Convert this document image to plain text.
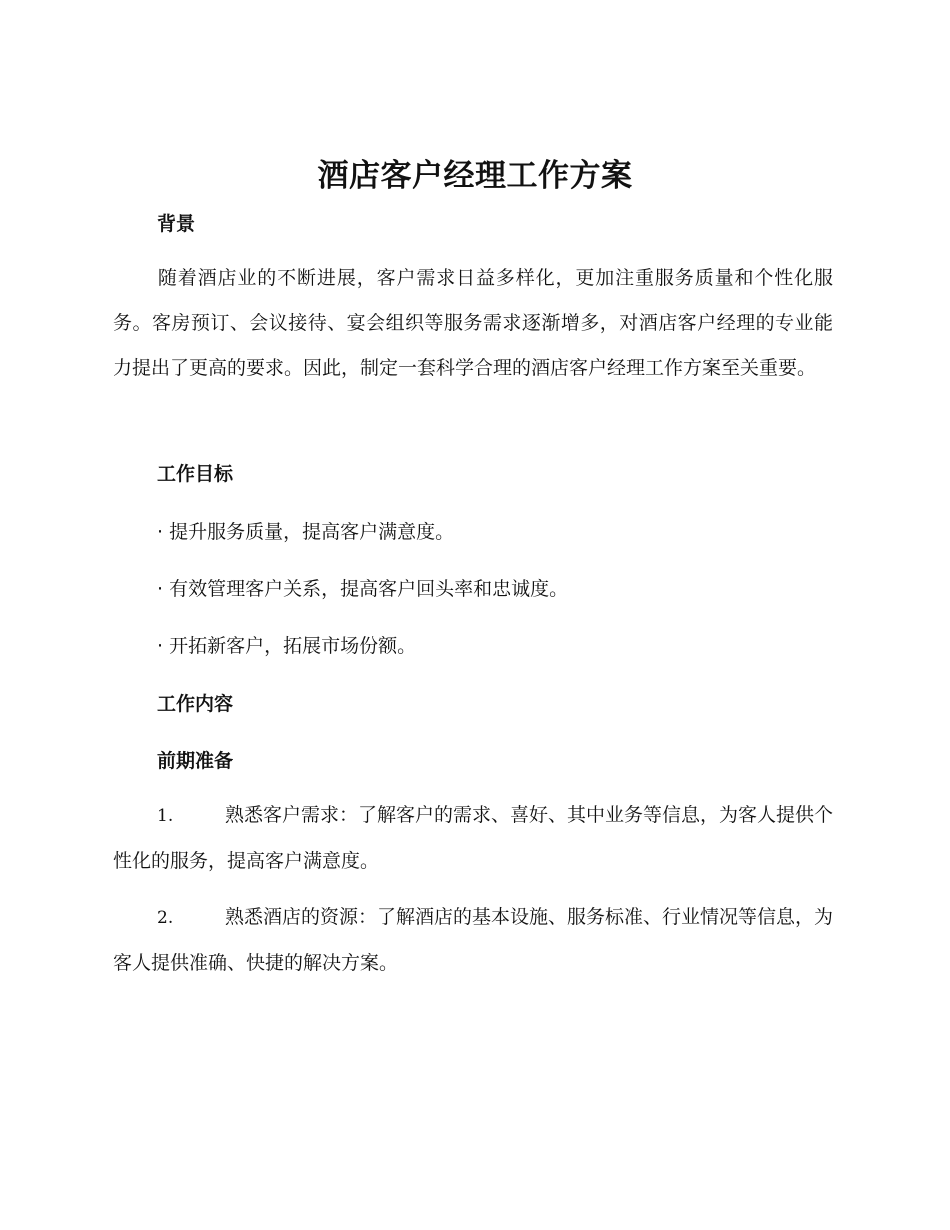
酒店客户经理工作方案
背景
随着酒店业的不断进展，客户需求日益多样化，更加注重服务质量和个性化服务。客房预订、会议接待、宴会组织等服务需求逐渐增多，对酒店客户经理的专业能力提出了更高的要求。因此，制定一套科学合理的酒店客户经理工作方案至关重要。
工作目标
· 提升服务质量，提高客户满意度。
· 有效管理客户关系，提高客户回头率和忠诚度。
· 开拓新客户，拓展市场份额。
工作内容
前期准备
1.	熟悉客户需求：了解客户的需求、喜好、其中业务等信息，为客人提供个性化的服务，提高客户满意度。
2.	熟悉酒店的资源：了解酒店的基本设施、服务标准、行业情况等信息，为客人提供准确、快捷的解决方案。
